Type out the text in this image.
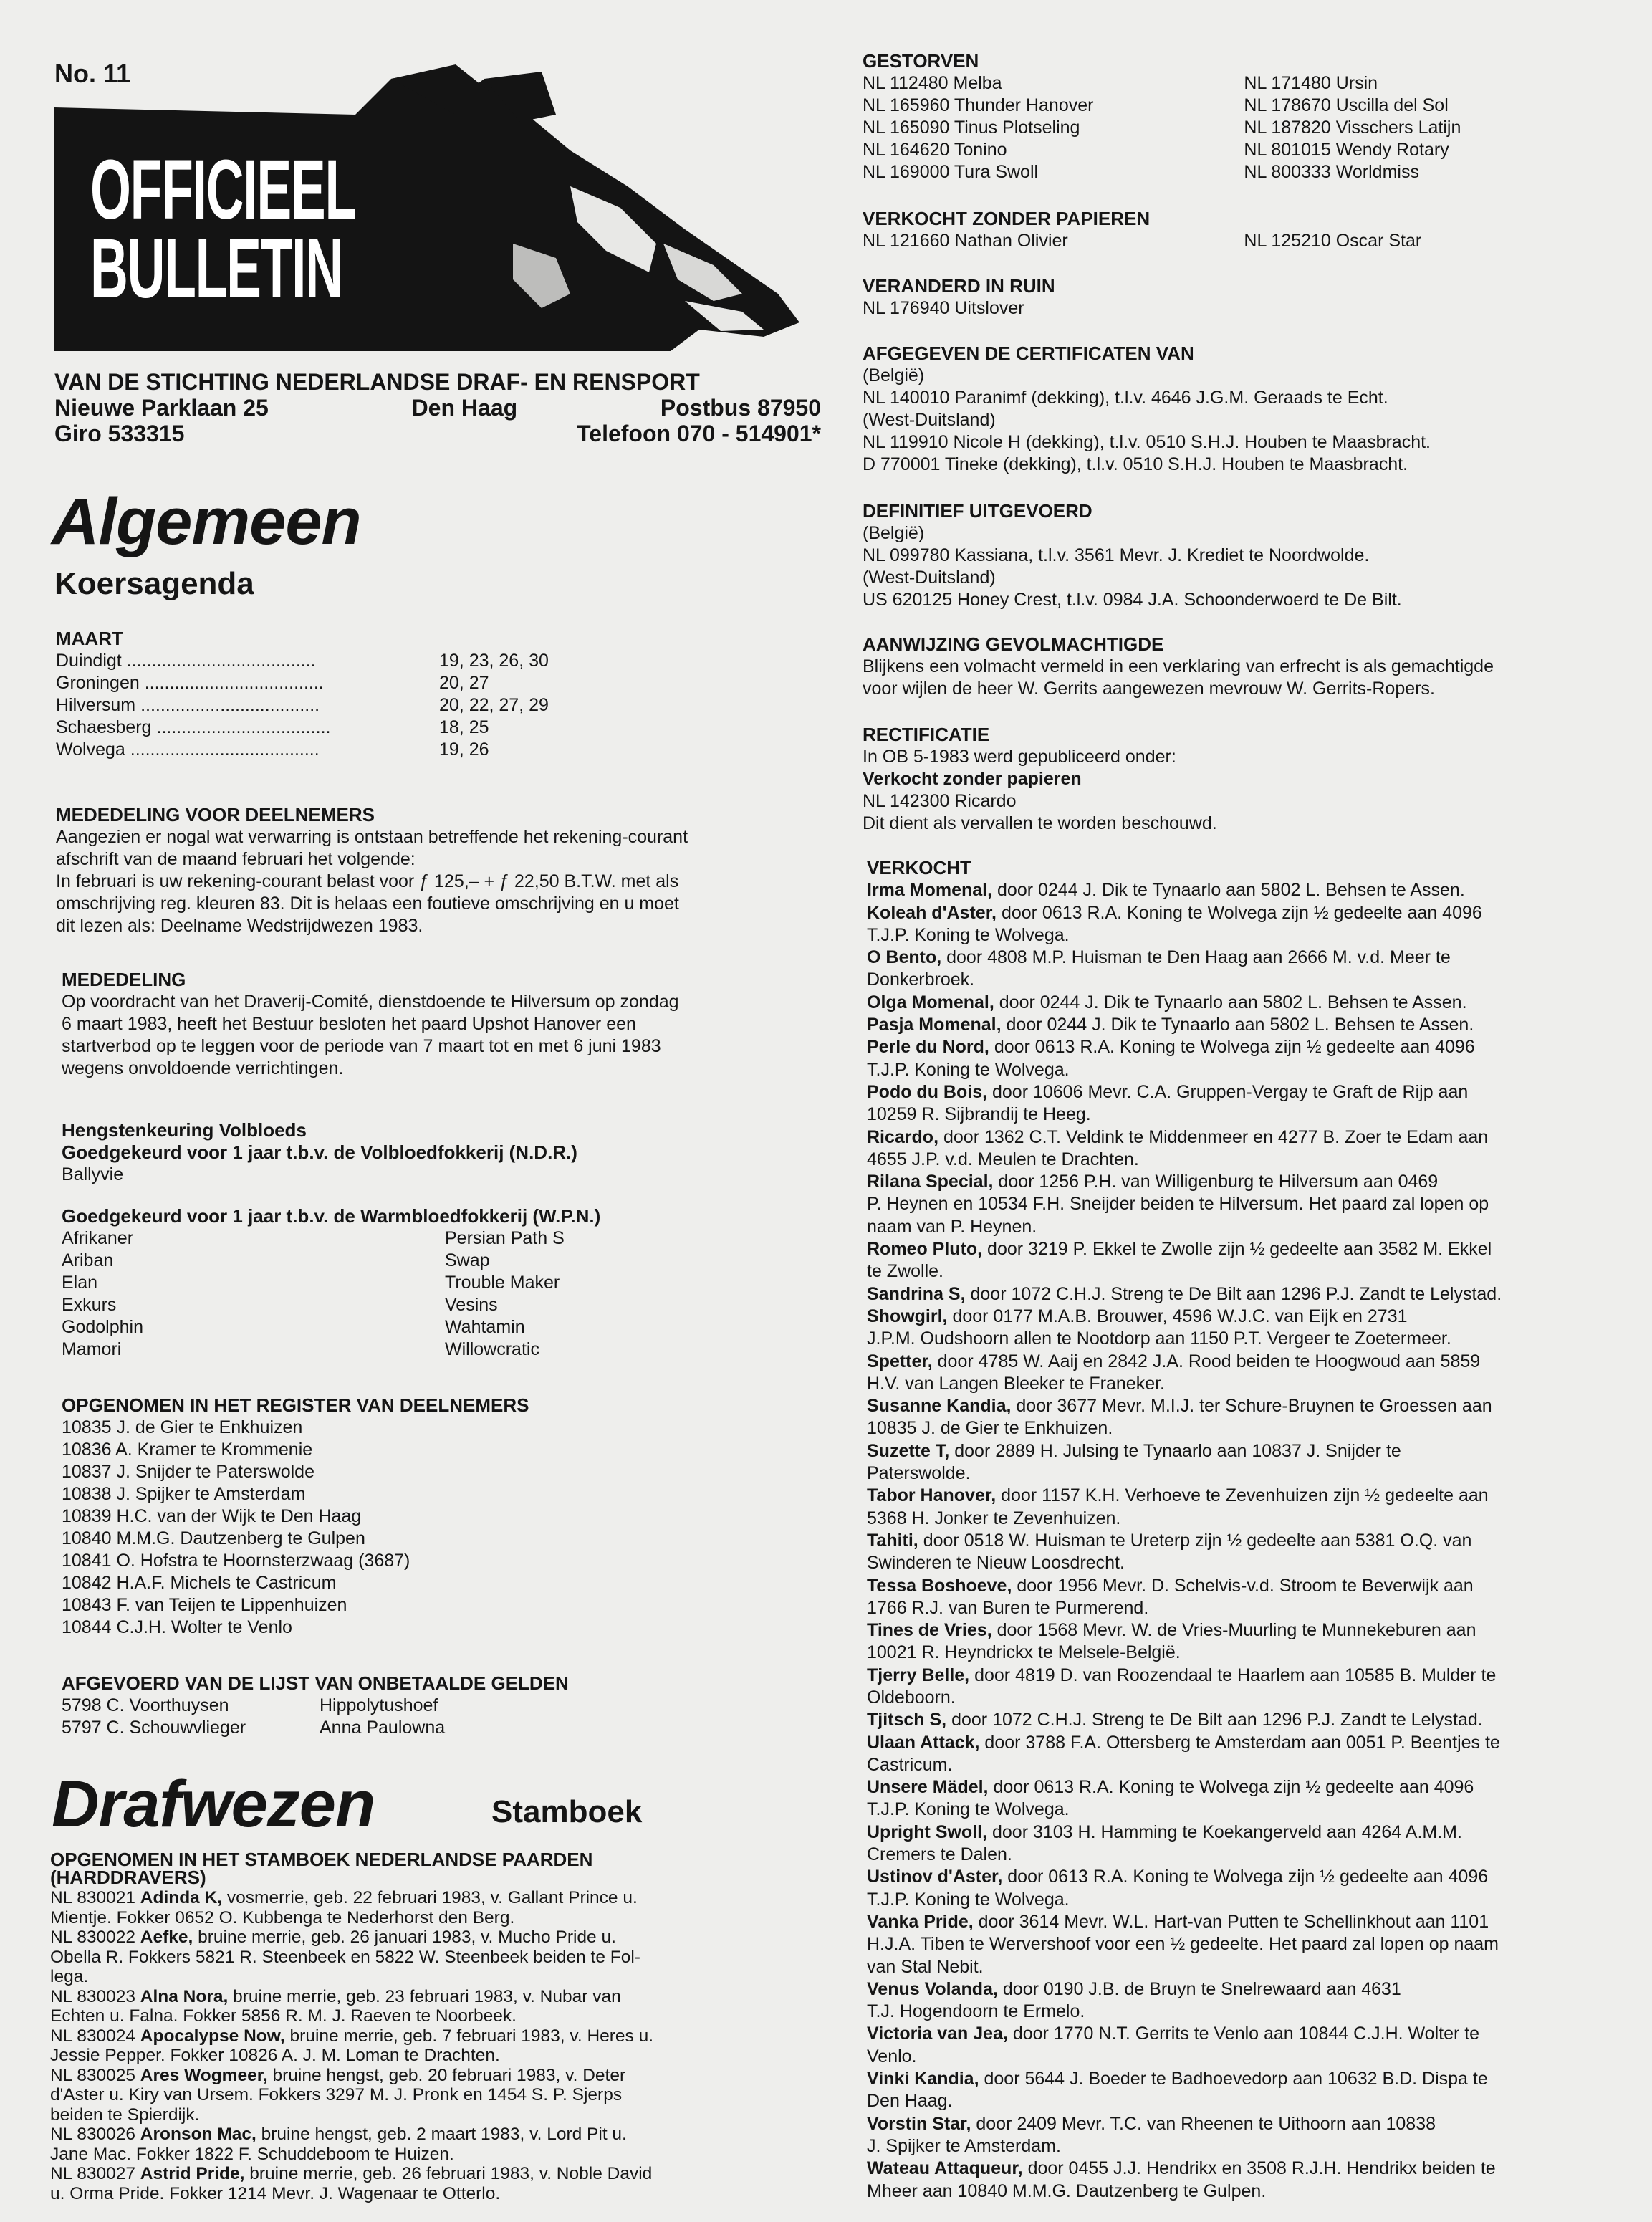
No. 11
OFFICIEEL
BULLETIN
VAN DE STICHTING NEDERLANDSE DRAF- EN RENSPORT
Nieuwe Parklaan 25	Den Haag	Postbus 87950
Giro 533315	Telefoon 070 - 514901*
Algemeen
Koersagenda
MAART
Duindigt ......................................	19, 23, 26, 30
Groningen ....................................	20, 27
Hilversum ....................................	20, 22, 27, 29
Schaesberg ...................................	18, 25
Wolvega ......................................	19, 26
MEDEDELING VOOR DEELNEMERS
Aangezien er nogal wat verwarring is ontstaan betreffende het rekening-courant
afschrift van de maand februari het volgende:
In februari is uw rekening-courant belast voor ƒ 125,– + ƒ 22,50 B.T.W. met als
omschrijving reg. kleuren 83. Dit is helaas een foutieve omschrijving en u moet
dit lezen als: Deelname Wedstrijdwezen 1983.
MEDEDELING
Op voordracht van het Draverij-Comité, dienstdoende te Hilversum op zondag
6 maart 1983, heeft het Bestuur besloten het paard Upshot Hanover een
startverbod op te leggen voor de periode van 7 maart tot en met 6 juni 1983
wegens onvoldoende verrichtingen.
Hengstenkeuring Volbloeds
Goedgekeurd voor 1 jaar t.b.v. de Volbloedfokkerij (N.D.R.)
Ballyvie
Goedgekeurd voor 1 jaar t.b.v. de Warmbloedfokkerij (W.P.N.)
Afrikaner
Ariban
Elan
Exkurs
Godolphin
Mamori
Persian Path S
Swap
Trouble Maker
Vesins
Wahtamin
Willowcratic
OPGENOMEN IN HET REGISTER VAN DEELNEMERS
10835 J. de Gier te Enkhuizen
10836 A. Kramer te Krommenie
10837 J. Snijder te Paterswolde
10838 J. Spijker te Amsterdam
10839 H.C. van der Wijk te Den Haag
10840 M.M.G. Dautzenberg te Gulpen
10841 O. Hofstra te Hoornsterzwaag (3687)
10842 H.A.F. Michels te Castricum
10843 F. van Teijen te Lippenhuizen
10844 C.J.H. Wolter te Venlo
AFGEVOERD VAN DE LIJST VAN ONBETAALDE GELDEN
5798 C. Voorthuysen	Hippolytushoef
5797 C. Schouwvlieger	Anna Paulowna
Drafwezen	Stamboek
OPGENOMEN IN HET STAMBOEK NEDERLANDSE PAARDEN
(HARDDRAVERS)
NL 830021 Adinda K, vosmerrie, geb. 22 februari 1983, v. Gallant Prince u.
Mientje. Fokker 0652 O. Kubbenga te Nederhorst den Berg.
NL 830022 Aefke, bruine merrie, geb. 26 januari 1983, v. Mucho Pride u.
Obella R. Fokkers 5821 R. Steenbeek en 5822 W. Steenbeek beiden te Fol-
lega.
NL 830023 Alna Nora, bruine merrie, geb. 23 februari 1983, v. Nubar van
Echten u. Falna. Fokker 5856 R. M. J. Raeven te Noorbeek.
NL 830024 Apocalypse Now, bruine merrie, geb. 7 februari 1983, v. Heres u.
Jessie Pepper. Fokker 10826 A. J. M. Loman te Drachten.
NL 830025 Ares Wogmeer, bruine hengst, geb. 20 februari 1983, v. Deter
d'Aster u. Kiry van Ursem. Fokkers 3297 M. J. Pronk en 1454 S. P. Sjerps
beiden te Spierdijk.
NL 830026 Aronson Mac, bruine hengst, geb. 2 maart 1983, v. Lord Pit u.
Jane Mac. Fokker 1822 F. Schuddeboom te Huizen.
NL 830027 Astrid Pride, bruine merrie, geb. 26 februari 1983, v. Noble David
u. Orma Pride. Fokker 1214 Mevr. J. Wagenaar te Otterlo.
GESTORVEN
NL 112480 Melba
NL 165960 Thunder Hanover
NL 165090 Tinus Plotseling
NL 164620 Tonino
NL 169000 Tura Swoll
NL 171480 Ursin
NL 178670 Uscilla del Sol
NL 187820 Visschers Latijn
NL 801015 Wendy Rotary
NL 800333 Worldmiss
VERKOCHT ZONDER PAPIEREN
NL 121660 Nathan Olivier	NL 125210 Oscar Star
VERANDERD IN RUIN
NL 176940 Uitslover
AFGEGEVEN DE CERTIFICATEN VAN
(België)
NL 140010 Paranimf (dekking), t.l.v. 4646 J.G.M. Geraads te Echt.
(West-Duitsland)
NL 119910 Nicole H (dekking), t.l.v. 0510 S.H.J. Houben te Maasbracht.
D 770001 Tineke (dekking), t.l.v. 0510 S.H.J. Houben te Maasbracht.
DEFINITIEF UITGEVOERD
(België)
NL 099780 Kassiana, t.l.v. 3561 Mevr. J. Krediet te Noordwolde.
(West-Duitsland)
US 620125 Honey Crest, t.l.v. 0984 J.A. Schoonderwoerd te De Bilt.
AANWIJZING GEVOLMACHTIGDE
Blijkens een volmacht vermeld in een verklaring van erfrecht is als gemachtigde
voor wijlen de heer W. Gerrits aangewezen mevrouw W. Gerrits-Ropers.
RECTIFICATIE
In OB 5-1983 werd gepubliceerd onder:
Verkocht zonder papieren
NL 142300 Ricardo
Dit dient als vervallen te worden beschouwd.
VERKOCHT
Irma Momenal, door 0244 J. Dik te Tynaarlo aan 5802 L. Behsen te Assen.
Koleah d'Aster, door 0613 R.A. Koning te Wolvega zijn ½ gedeelte aan 4096
T.J.P. Koning te Wolvega.
O Bento, door 4808 M.P. Huisman te Den Haag aan 2666 M. v.d. Meer te
Donkerbroek.
Olga Momenal, door 0244 J. Dik te Tynaarlo aan 5802 L. Behsen te Assen.
Pasja Momenal, door 0244 J. Dik te Tynaarlo aan 5802 L. Behsen te Assen.
Perle du Nord, door 0613 R.A. Koning te Wolvega zijn ½ gedeelte aan 4096
T.J.P. Koning te Wolvega.
Podo du Bois, door 10606 Mevr. C.A. Gruppen-Vergay te Graft de Rijp aan
10259 R. Sijbrandij te Heeg.
Ricardo, door 1362 C.T. Veldink te Middenmeer en 4277 B. Zoer te Edam aan
4655 J.P. v.d. Meulen te Drachten.
Rilana Special, door 1256 P.H. van Willigenburg te Hilversum aan 0469
P. Heynen en 10534 F.H. Sneijder beiden te Hilversum. Het paard zal lopen op
naam van P. Heynen.
Romeo Pluto, door 3219 P. Ekkel te Zwolle zijn ½ gedeelte aan 3582 M. Ekkel
te Zwolle.
Sandrina S, door 1072 C.H.J. Streng te De Bilt aan 1296 P.J. Zandt te Lelystad.
Showgirl, door 0177 M.A.B. Brouwer, 4596 W.J.C. van Eijk en 2731
J.P.M. Oudshoorn allen te Nootdorp aan 1150 P.T. Vergeer te Zoetermeer.
Spetter, door 4785 W. Aaij en 2842 J.A. Rood beiden te Hoogwoud aan 5859
H.V. van Langen Bleeker te Franeker.
Susanne Kandia, door 3677 Mevr. M.I.J. ter Schure-Bruynen te Groessen aan
10835 J. de Gier te Enkhuizen.
Suzette T, door 2889 H. Julsing te Tynaarlo aan 10837 J. Snijder te
Paterswolde.
Tabor Hanover, door 1157 K.H. Verhoeve te Zevenhuizen zijn ½ gedeelte aan
5368 H. Jonker te Zevenhuizen.
Tahiti, door 0518 W. Huisman te Ureterp zijn ½ gedeelte aan 5381 O.Q. van
Swinderen te Nieuw Loosdrecht.
Tessa Boshoeve, door 1956 Mevr. D. Schelvis-v.d. Stroom te Beverwijk aan
1766 R.J. van Buren te Purmerend.
Tines de Vries, door 1568 Mevr. W. de Vries-Muurling te Munnekeburen aan
10021 R. Heyndrickx te Melsele-België.
Tjerry Belle, door 4819 D. van Roozendaal te Haarlem aan 10585 B. Mulder te
Oldeboorn.
Tjitsch S, door 1072 C.H.J. Streng te De Bilt aan 1296 P.J. Zandt te Lelystad.
Ulaan Attack, door 3788 F.A. Ottersberg te Amsterdam aan 0051 P. Beentjes te
Castricum.
Unsere Mädel, door 0613 R.A. Koning te Wolvega zijn ½ gedeelte aan 4096
T.J.P. Koning te Wolvega.
Upright Swoll, door 3103 H. Hamming te Koekangerveld aan 4264 A.M.M.
Cremers te Dalen.
Ustinov d'Aster, door 0613 R.A. Koning te Wolvega zijn ½ gedeelte aan 4096
T.J.P. Koning te Wolvega.
Vanka Pride, door 3614 Mevr. W.L. Hart-van Putten te Schellinkhout aan 1101
H.J.A. Tiben te Wervershoof voor een ½ gedeelte. Het paard zal lopen op naam
van Stal Nebit.
Venus Volanda, door 0190 J.B. de Bruyn te Snelrewaard aan 4631
T.J. Hogendoorn te Ermelo.
Victoria van Jea, door 1770 N.T. Gerrits te Venlo aan 10844 C.J.H. Wolter te
Venlo.
Vinki Kandia, door 5644 J. Boeder te Badhoevedorp aan 10632 B.D. Dispa te
Den Haag.
Vorstin Star, door 2409 Mevr. T.C. van Rheenen te Uithoorn aan 10838
J. Spijker te Amsterdam.
Wateau Attaqueur, door 0455 J.J. Hendrikx en 3508 R.J.H. Hendrikx beiden te
Mheer aan 10840 M.M.G. Dautzenberg te Gulpen.
